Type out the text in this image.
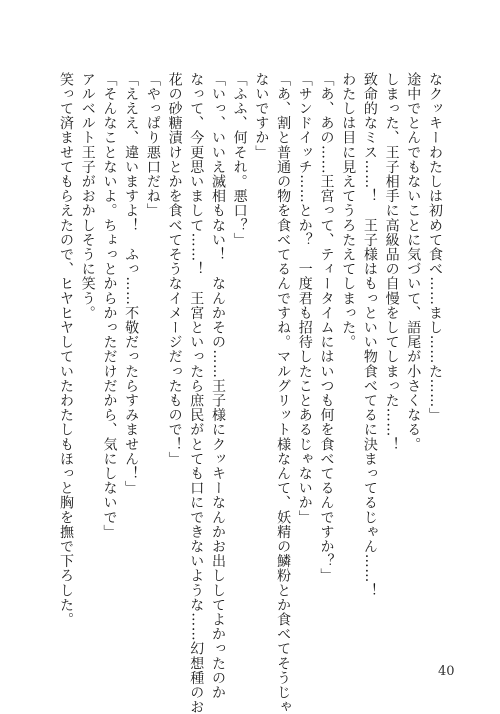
なクッキーわたしは初めて食べ……まし……た……」
途中でとんでもないことに気づいて、語尾が小さくなる。
しまった、王子相手に高級品の自慢をしてしまった……！
致命的なミス……！　王子様はもっといい物食べてるに決まってるじゃん……！
わたしは目に見えてうろたえてしまった。
「あ、あの……王宮って、ティータイムにはいつも何を食べてるんですか？」
「サンドイッチ……とか？　一度君も招待したことあるじゃないか」
「あ、割と普通の物を食べてるんですね。マルグリット様なんて、妖精の鱗粉とか食べてそうじゃ
ないですか」
「ふふ、何それ。悪口？」
「いっ、いいえ滅相もない！　なんかその……王子様にクッキーなんかお出ししてよかったのか
なって、今更思いまして……！　王宮といったら庶民がとても口にできないような……幻想種のお
花の砂糖漬けとかを食べてそうなイメージだったもので！」
「やっぱり悪口だね」
「えええ、違いますよ！　ふっ……不敬だったらすみません！」
「そんなことないよ。ちょっとからかっただけだから、気にしないで」
アルベルト王子がおかしそうに笑う。
笑って済ませてもらえたので、ヒヤヒヤしていたわたしもほっと胸を撫で下ろした。
40
